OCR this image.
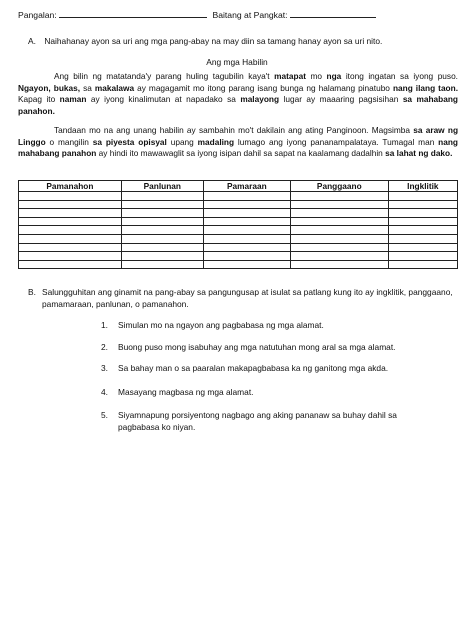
Pangalan:	Baitang at Pangkat:
A. Naihahanay ayon sa uri ang mga pang-abay na may diin sa tamang hanay ayon sa uri nito.
Ang mga Habilin

Ang bilin ng matatanda'y parang huling tagubilin kaya't matapat mo nga itong ingatan sa iyong puso. Ngayon, bukas, sa makalawa ay magagamit mo itong parang isang bunga ng halamang pinatubo nang ilang taon. Kapag ito naman ay iyong kinalimutan at napadako sa malayong lugar ay maaaring pagsisihan sa mahabang panahon.

Tandaan mo na ang unang habilin ay sambahin mo't dakilain ang ating Panginoon. Magsimba sa araw ng Linggo o mangilin sa piyesta opisyal upang madaling lumago ang iyong pananampalataya. Tumagal man nang mahabang panahon ay hindi ito mawawaglit sa iyong isipan dahil sa sapat na kaalamang dadalhin sa lahat ng dako.

Pamanahon	Panlunan	Pamaraan	Panggaano	Ingklitik

B. Salungguhitan ang ginamit na pang-abay sa pangungusap at isulat sa patlang kung ito ay ingklitik, panggaano, pamamaraan, panlunan, o pamanahon.
1. Simulan mo na ngayon ang pagbabasa ng mga alamat.
2. Buong puso mong isabuhay ang mga natutuhan mong aral sa mga alamat.
3. Sa bahay man o sa paaralan makapagbabasa ka ng ganitong mga akda.
4. Masayang magbasa ng mga alamat.
5. Siyamnapung porsiyentong nagbago ang aking pananaw sa buhay dahil sa pagbabasa ko niyan.
